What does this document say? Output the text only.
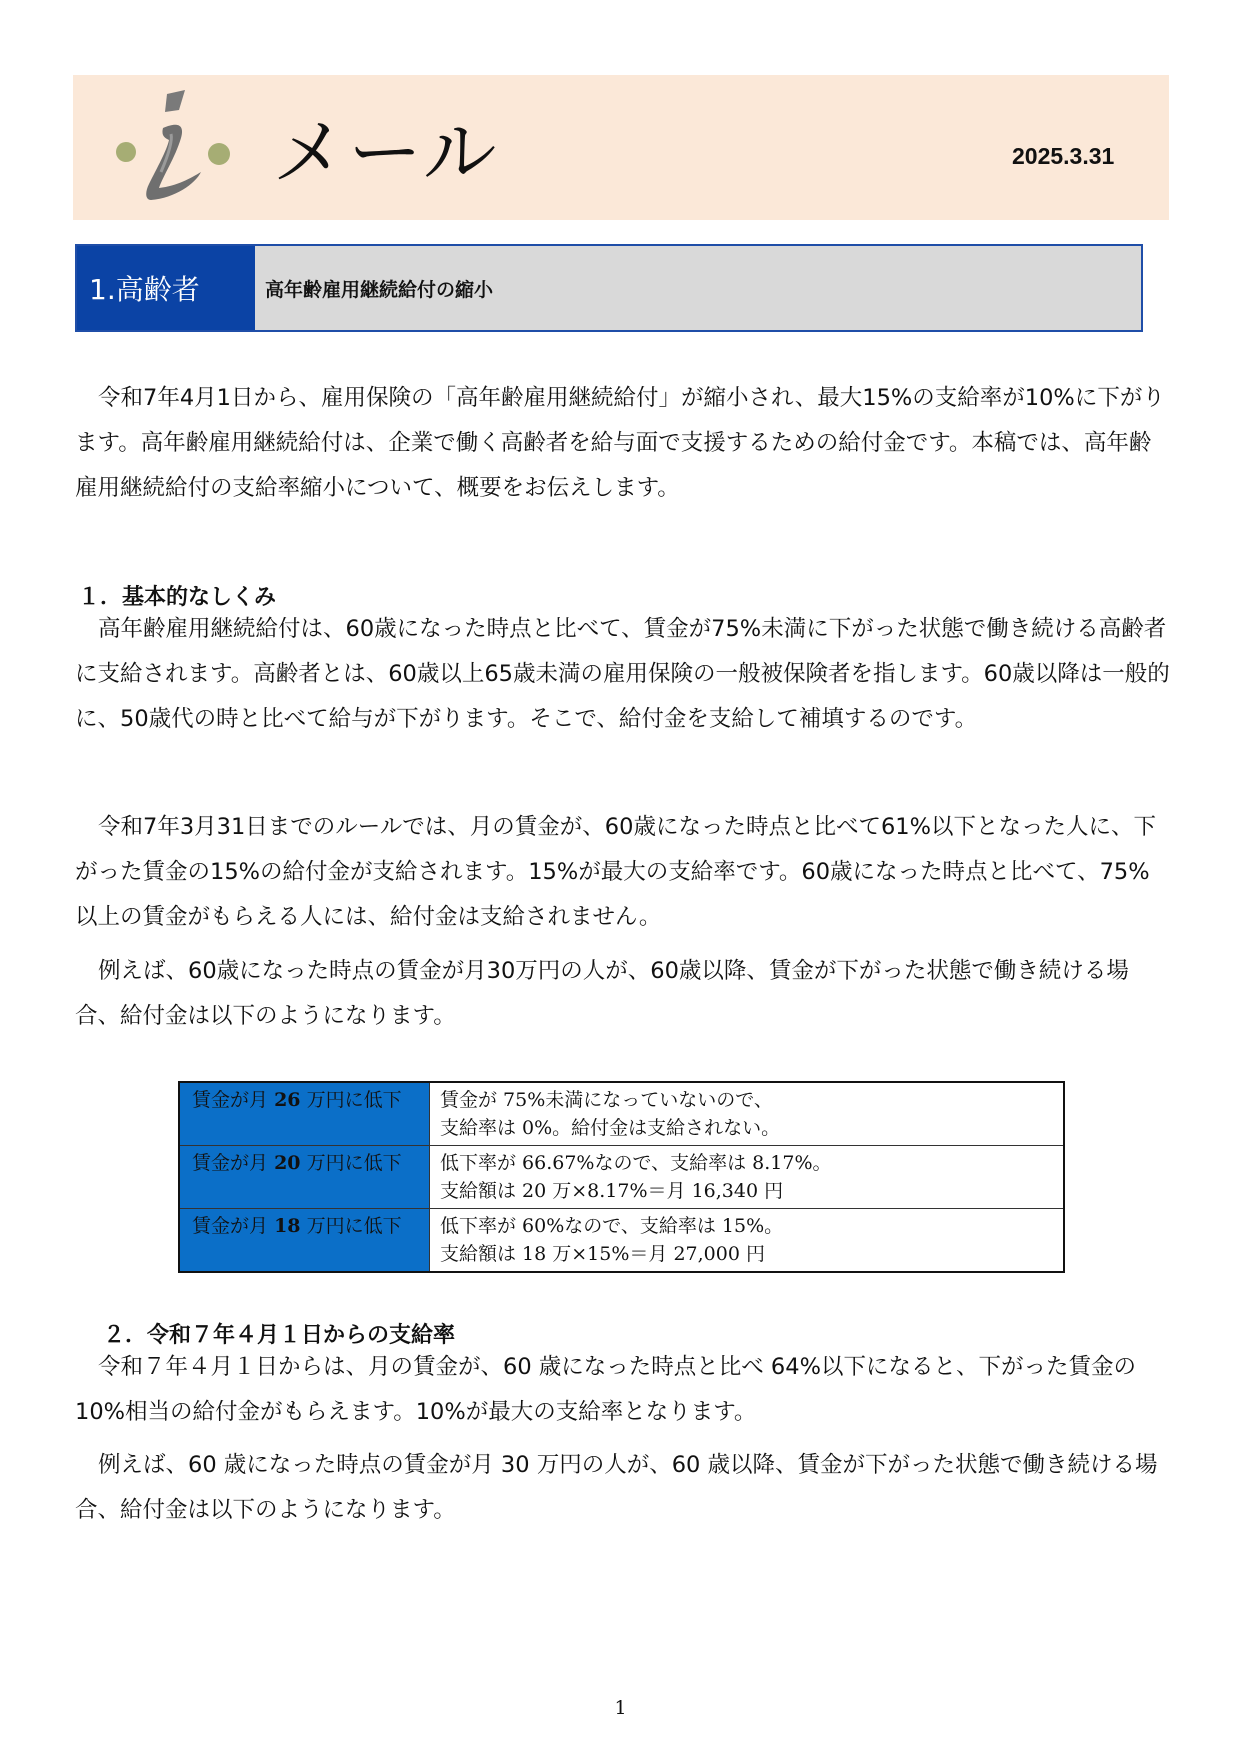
メール	2025.3.31
1.高齢者	高年齢雇用継続給付の縮小

令和7年4月1日から、雇用保険の「高年齢雇用継続給付」が縮小され、最大15%の支給率が10%に下がります。高年齢雇用継続給付は、企業で働く高齢者を給与面で支援するための給付金です。本稿では、高年齢雇用継続給付の支給率縮小について、概要をお伝えします。

１．基本的なしくみ

高年齢雇用継続給付は、60歳になった時点と比べて、賃金が75%未満に下がった状態で働き続ける高齢者に支給されます。高齢者とは、60歳以上65歳未満の雇用保険の一般被保険者を指します。60歳以降は一般的に、50歳代の時と比べて給与が下がります。そこで、給付金を支給して補填するのです。

令和7年3月31日までのルールでは、月の賃金が、60歳になった時点と比べて61%以下となった人に、下がった賃金の15%の給付金が支給されます。15%が最大の支給率です。60歳になった時点と比べて、75%以上の賃金がもらえる人には、給付金は支給されません。

例えば、60歳になった時点の賃金が月30万円の人が、60歳以降、賃金が下がった状態で働き続ける場合、給付金は以下のようになります。

賃金が月 26 万円に低下	賃金が 75%未満になっていないので、
支給率は 0%。給付金は支給されない。
賃金が月 20 万円に低下	低下率が 66.67%なので、支給率は 8.17%。
支給額は 20 万×8.17%＝月 16,340 円
賃金が月 18 万円に低下	低下率が 60%なので、支給率は 15%。
支給額は 18 万×15%＝月 27,000 円

２．令和７年４月１日からの支給率

令和７年４月１日からは、月の賃金が、60 歳になった時点と比べ 64%以下になると、下がった賃金の 10%相当の給付金がもらえます。10%が最大の支給率となります。

例えば、60 歳になった時点の賃金が月 30 万円の人が、60 歳以降、賃金が下がった状態で働き続ける場合、給付金は以下のようになります。

1
